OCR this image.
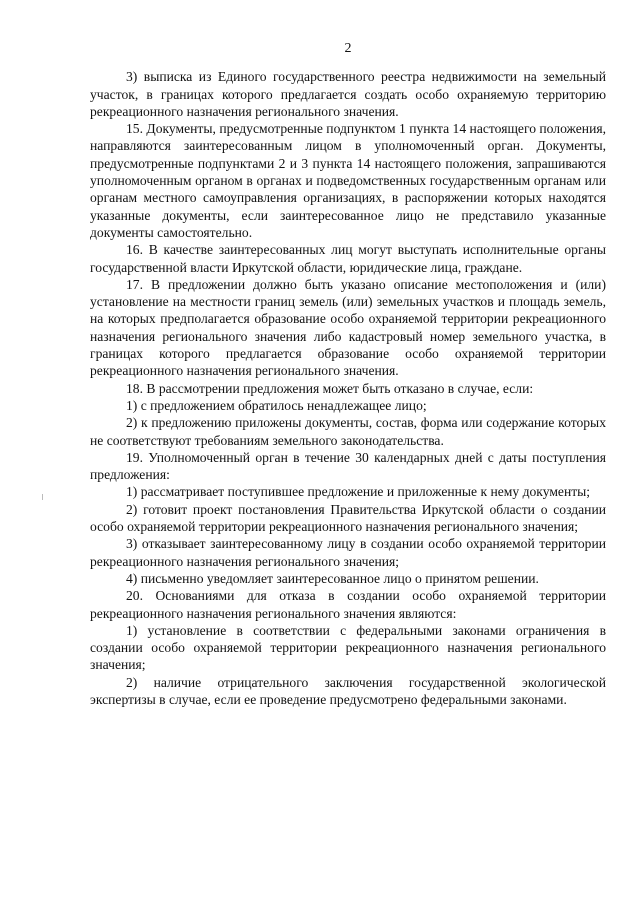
2

3) выписка из Единого государственного реестра недвижимости на земельный участок, в границах которого предлагается создать особо охраняемую территорию рекреационного назначения регионального значения.

15. Документы, предусмотренные подпунктом 1 пункта 14 настоящего положения, направляются заинтересованным лицом в уполномоченный орган. Документы, предусмотренные подпунктами 2 и 3 пункта 14 настоящего положения, запрашиваются уполномоченным органом в органах и подведомственных государственным органам или органам местного самоуправления организациях, в распоряжении которых находятся указанные документы, если заинтересованное лицо не представило указанные документы самостоятельно.

16. В качестве заинтересованных лиц могут выступать исполнительные органы государственной власти Иркутской области, юридические лица, граждане.

17. В предложении должно быть указано описание местоположения и (или) установление на местности границ земель (или) земельных участков и площадь земель, на которых предполагается образование особо охраняемой территории рекреационного назначения регионального значения либо кадастровый номер земельного участка, в границах которого предлагается образование особо охраняемой территории рекреационного назначения регионального значения.

18. В рассмотрении предложения может быть отказано в случае, если:

1) с предложением обратилось ненадлежащее лицо;

2) к предложению приложены документы, состав, форма или содержание которых не соответствуют требованиям земельного законодательства.

19. Уполномоченный орган в течение 30 календарных дней с даты поступления предложения:

1) рассматривает поступившее предложение и приложенные к нему документы;

2) готовит проект постановления Правительства Иркутской области о создании особо охраняемой территории рекреационного назначения регионального значения;

3) отказывает заинтересованному лицу в создании особо охраняемой территории рекреационного назначения регионального значения;

4) письменно уведомляет заинтересованное лицо о принятом решении.

20. Основаниями для отказа в создании особо охраняемой территории рекреационного назначения регионального значения являются:

1) установление в соответствии с федеральными законами ограничения в создании особо охраняемой территории рекреационного назначения регионального значения;

2) наличие отрицательного заключения государственной экологической экспертизы в случае, если ее проведение предусмотрено федеральными законами.
